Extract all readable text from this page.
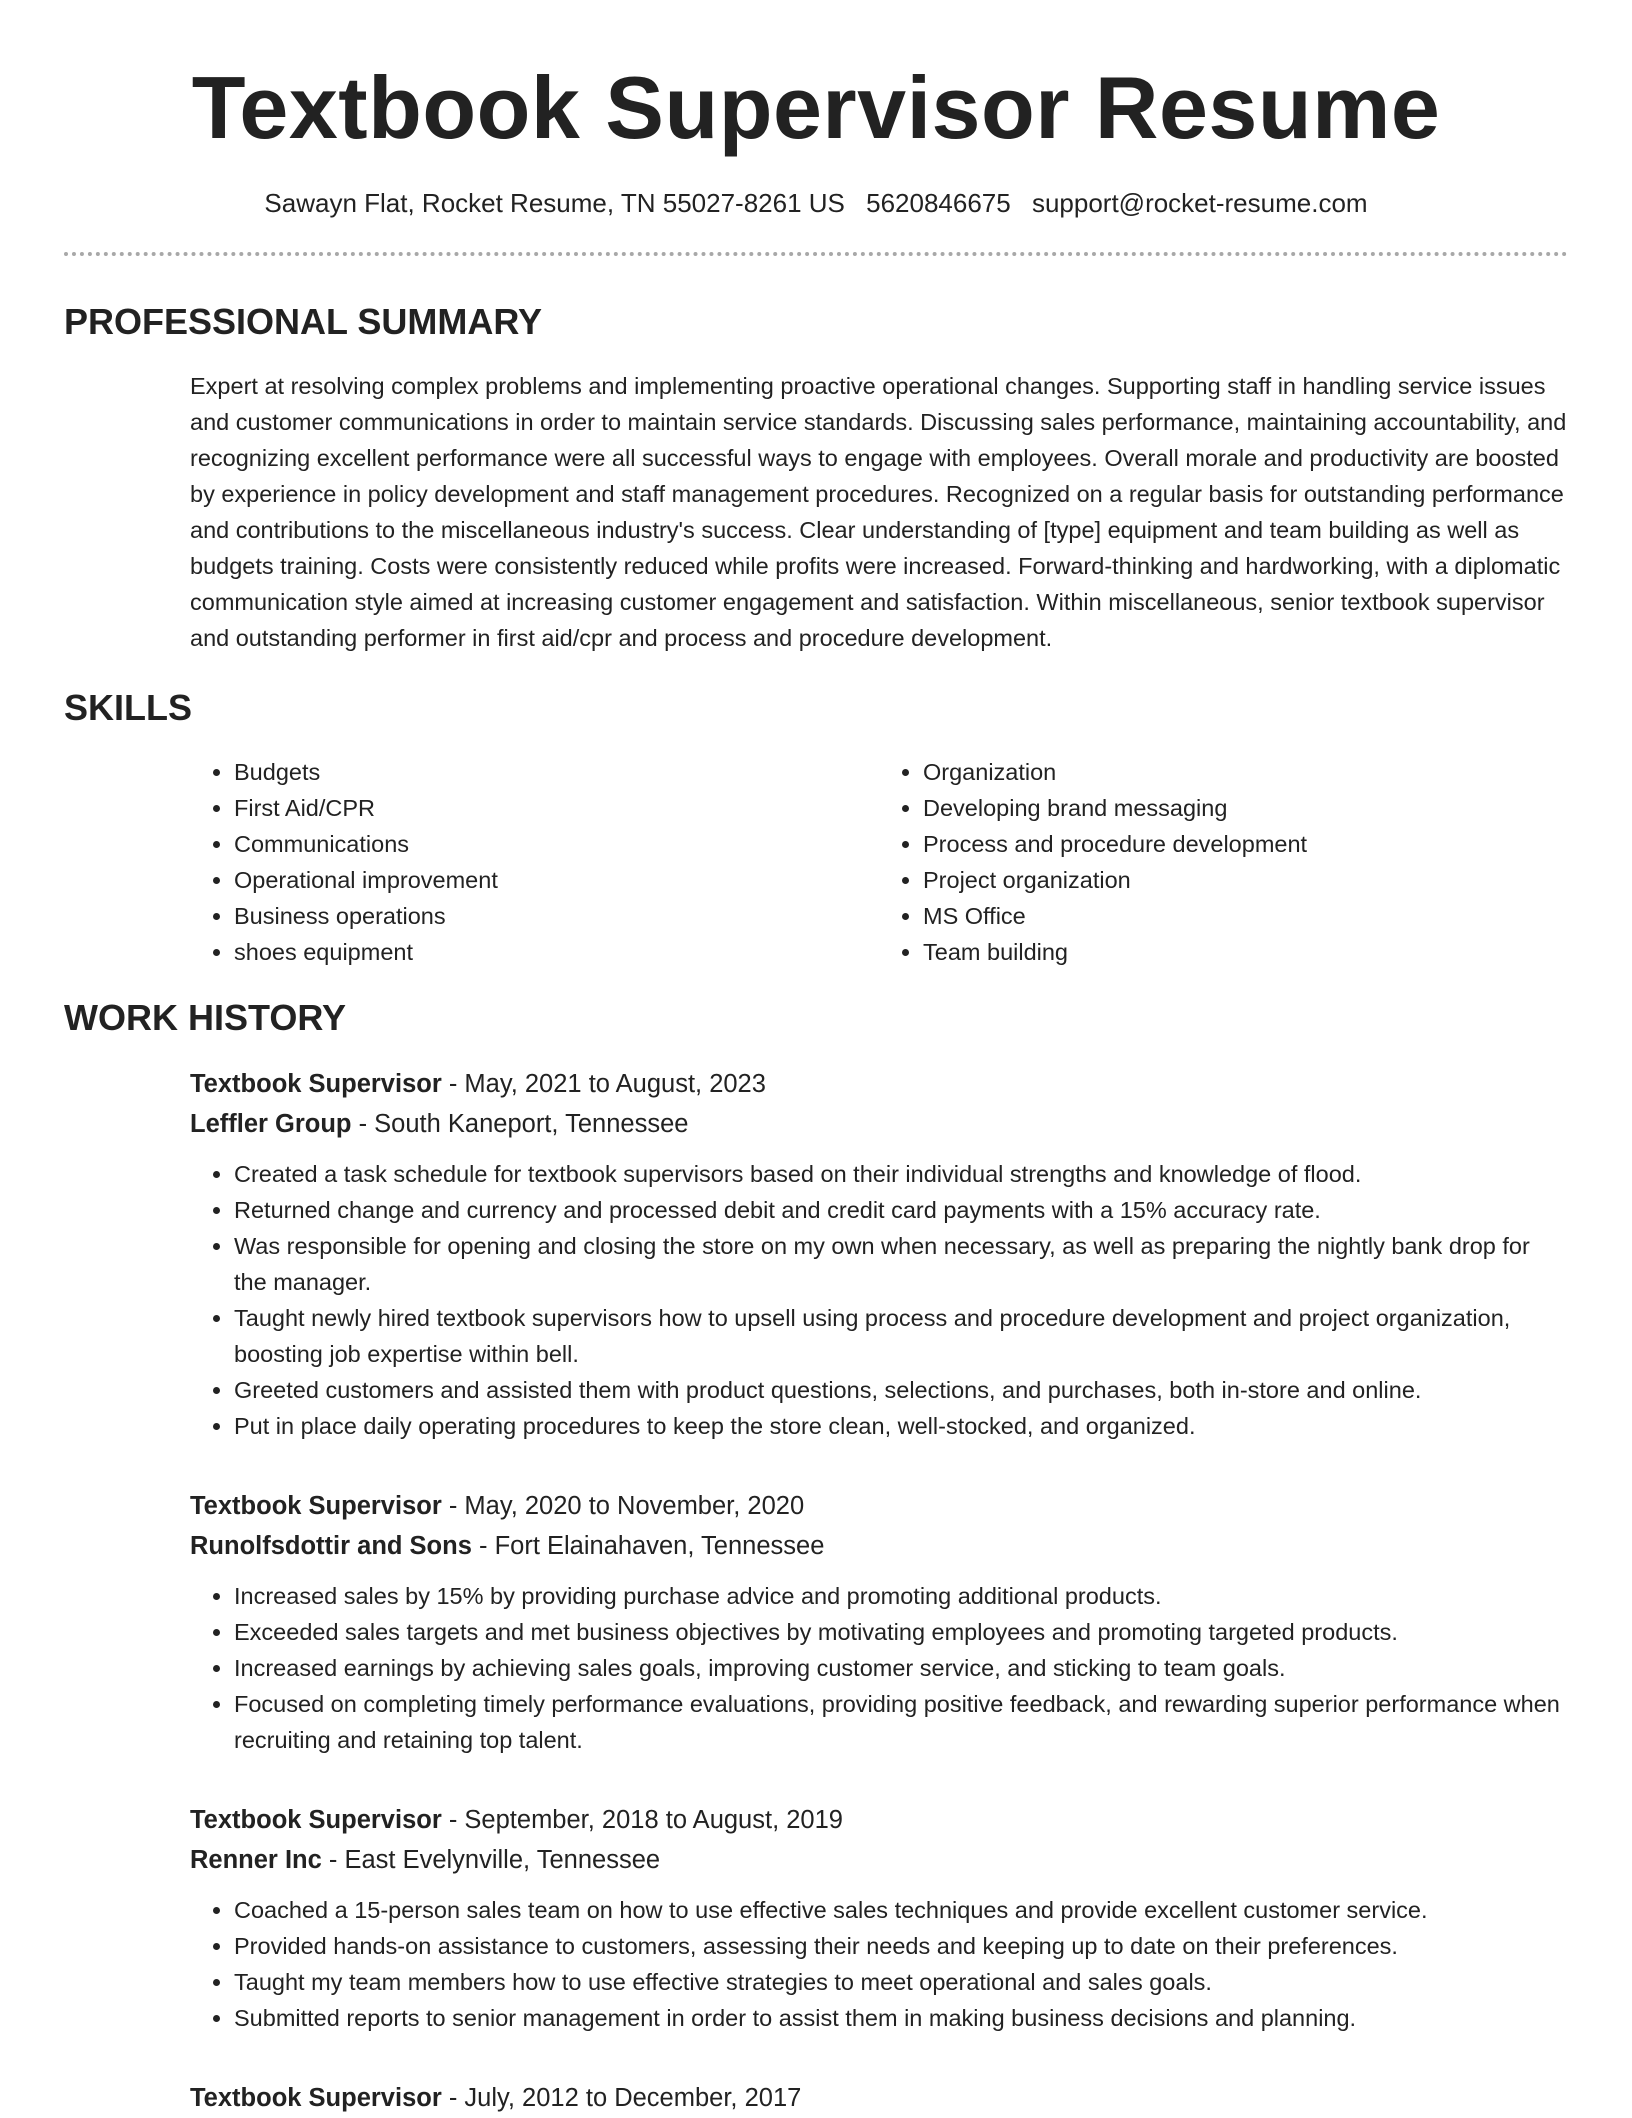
Textbook Supervisor Resume
Sawayn Flat, Rocket Resume, TN 55027-8261 US 5620846675 support@rocket-resume.com
PROFESSIONAL SUMMARY

Expert at resolving complex problems and implementing proactive operational changes. Supporting staff in handling service issues and customer communications in order to maintain service standards. Discussing sales performance, maintaining accountability, and recognizing excellent performance were all successful ways to engage with employees. Overall morale and productivity are boosted by experience in policy development and staff management procedures. Recognized on a regular basis for outstanding performance and contributions to the miscellaneous industry's success. Clear understanding of [type] equipment and team building as well as budgets training. Costs were consistently reduced while profits were increased. Forward-thinking and hardworking, with a diplomatic communication style aimed at increasing customer engagement and satisfaction. Within miscellaneous, senior textbook supervisor and outstanding performer in first aid/cpr and process and procedure development.

SKILLS
• Budgets
• First Aid/CPR
• Communications
• Operational improvement
• Business operations
• shoes equipment
• Organization
• Developing brand messaging
• Process and procedure development
• Project organization
• MS Office
• Team building
WORK HISTORY
Textbook Supervisor - May, 2021 to August, 2023
Leffler Group - South Kaneport, Tennessee
• Created a task schedule for textbook supervisors based on their individual strengths and knowledge of flood.
• Returned change and currency and processed debit and credit card payments with a 15% accuracy rate.
• Was responsible for opening and closing the store on my own when necessary, as well as preparing the nightly bank drop for the manager.
• Taught newly hired textbook supervisors how to upsell using process and procedure development and project organization, boosting job expertise within bell.
• Greeted customers and assisted them with product questions, selections, and purchases, both in-store and online.
• Put in place daily operating procedures to keep the store clean, well-stocked, and organized.
Textbook Supervisor - May, 2020 to November, 2020
Runolfsdottir and Sons - Fort Elainahaven, Tennessee
• Increased sales by 15% by providing purchase advice and promoting additional products.
• Exceeded sales targets and met business objectives by motivating employees and promoting targeted products.
• Increased earnings by achieving sales goals, improving customer service, and sticking to team goals.
• Focused on completing timely performance evaluations, providing positive feedback, and rewarding superior performance when recruiting and retaining top talent.
Textbook Supervisor - September, 2018 to August, 2019
Renner Inc - East Evelynville, Tennessee
• Coached a 15-person sales team on how to use effective sales techniques and provide excellent customer service.
• Provided hands-on assistance to customers, assessing their needs and keeping up to date on their preferences.
• Taught my team members how to use effective strategies to meet operational and sales goals.
• Submitted reports to senior management in order to assist them in making business decisions and planning.
Textbook Supervisor - July, 2012 to December, 2017
